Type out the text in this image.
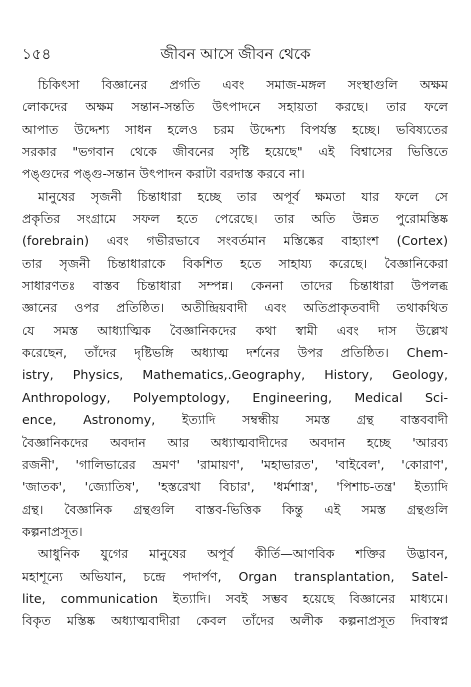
১৫৪	জীবন আসে জীবন থেকে

চিকিৎসা বিজ্ঞানের প্রগতি এবং সমাজ-মঙ্গল সংস্থাগুলি অক্ষম
লোকদের অক্ষম সন্তান-সন্ততি উৎপাদনে সহায়তা করছে। তার ফলে
আপাত উদ্দেশ্য সাধন হলেও চরম উদ্দেশ্য বিপর্যস্ত হচ্ছে। ভবিষ্যতের
সরকার "ভগবান থেকে জীবনের সৃষ্টি হয়েছে" এই বিশ্বাসের ভিত্তিতে
পঙ্গুদের পঙ্গু-সন্তান উৎপাদন করাটা বরদাস্ত করবে না।

মানুষের সৃজনী চিন্তাধারা হচ্ছে তার অপূর্ব ক্ষমতা যার ফলে সে
প্রকৃতির সংগ্রামে সফল হতে পেরেছে। তার অতি উন্নত পুরোমস্তিষ্ক
(forebrain) এবং গভীরভাবে সংবর্তমান মস্তিষ্কের বাহ্যাংশ (Cortex)
তার সৃজনী চিন্তাধারাকে বিকশিত হতে সাহায্য করেছে। বৈজ্ঞানিকেরা
সাধারণতঃ বাস্তব চিন্তাধারা সম্পন্ন। কেননা তাদের চিন্তাধারা উপলব্ধ
জ্ঞানের ওপর প্রতিষ্ঠিত। অতীন্দ্রিয়বাদী এবং অতিপ্রাকৃতবাদী তথাকথিত
যে সমস্ত আধ্যাত্মিক বৈজ্ঞানিকদের কথা স্বামী এবং দাস উল্লেখ
করেছেন, তাঁদের দৃষ্টিভঙ্গি অধ্যাত্ম দর্শনের উপর প্রতিষ্ঠিত। Chem-
istry, Physics, Mathematics,.Geography, History, Geology,
Anthropology, Polyemptology, Engineering, Medical Sci-
ence, Astronomy, ইত্যাদি সম্বন্ধীয় সমস্ত গ্রন্থ বাস্তববাদী
বৈজ্ঞানিকদের অবদান আর অধ্যাত্মবাদীদের অবদান হচ্ছে 'আরব্য
রজনী', 'গালিভারের ভ্রমণ' 'রামায়ণ', 'মহাভারত', 'বাইবেল', 'কোরাণ',
'জাতক', 'জ্যোতিষ', 'হস্তরেখা বিচার', 'ধর্মশাস্ত্র', 'পিশাচ-তন্ত্র' ইত্যাদি
গ্রন্থ। বৈজ্ঞানিক গ্রন্থগুলি বাস্তব-ভিত্তিক কিন্তু এই সমস্ত গ্রন্থগুলি
কল্পনাপ্রসূত।

আধুনিক যুগের মানুষের অপূর্ব কীর্তি—আণবিক শক্তির উদ্ভাবন,
মহাশূন্যে অভিযান, চন্দ্রে পদার্পণ, Organ transplantation, Satel-
lite, communication ইত্যাদি। সবই সম্ভব হয়েছে বিজ্ঞানের মাধ্যমে।
বিকৃত মস্তিষ্ক অধ্যাত্মবাদীরা কেবল তাঁদের অলীক কল্পনাপ্রসূত দিবাস্বপ্ন
